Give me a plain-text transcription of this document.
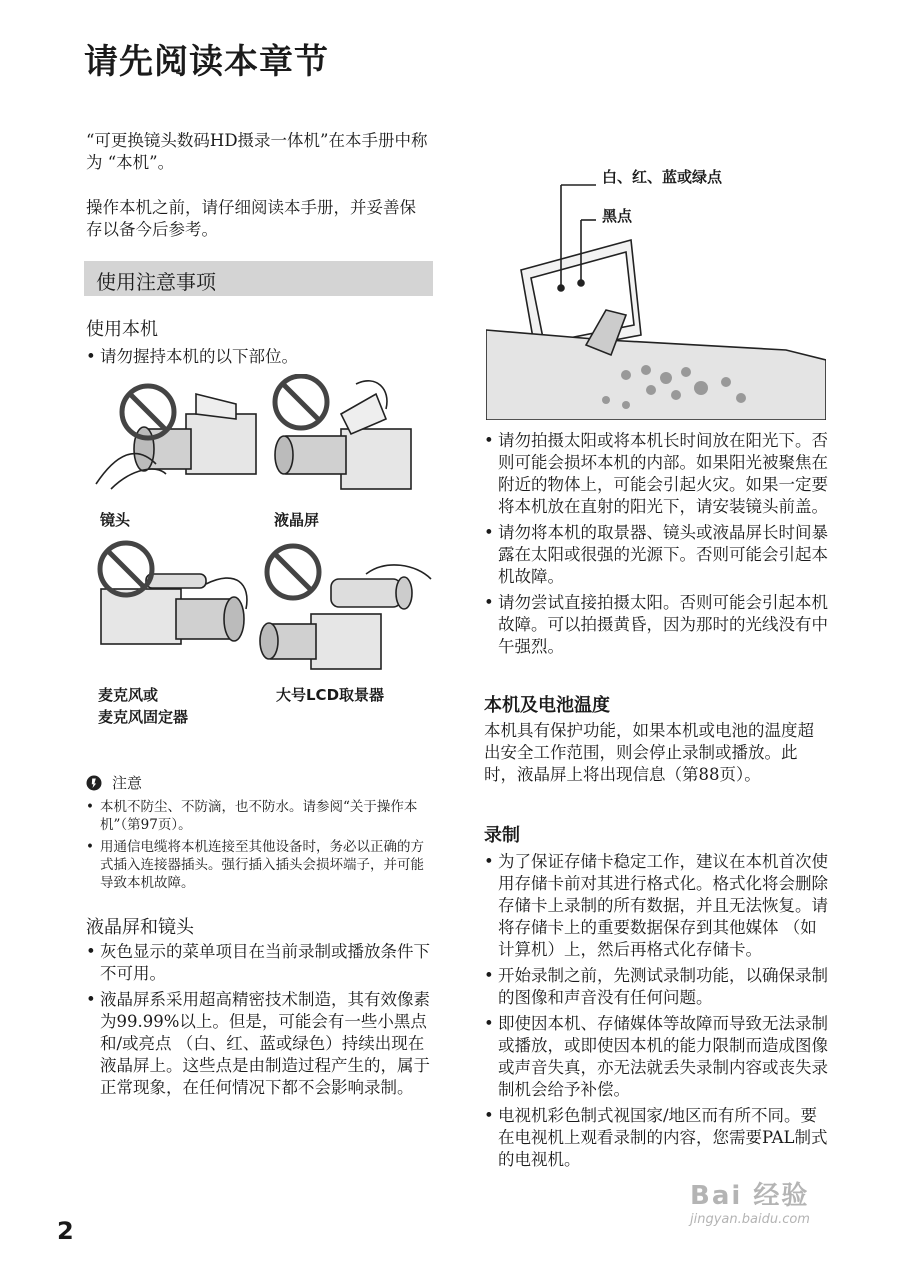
请先阅读本章节
“可更换镜头数码HD摄录一体机”在本手册中称为 “本机”。
操作本机之前，请仔细阅读本手册，并妥善保存以备今后参考。
使用注意事项
使用本机
• 请勿握持本机的以下部位。
镜头	液晶屏
麦克风或
麦克风固定器
大号LCD取景器
注意
• 本机不防尘、不防滴，也不防水。请参阅“关于操作本机”（第97页）。
• 用通信电缆将本机连接至其他设备时，务必以正确的方式插入连接器插头。强行插入插头会损坏端子，并可能导致本机故障。
液晶屏和镜头
• 灰色显示的菜单项目在当前录制或播放条件下不可用。
• 液晶屏系采用超高精密技术制造，其有效像素为99.99%以上。但是，可能会有一些小黑点和/或亮点 （白、红、蓝或绿色）持续出现在液晶屏上。这些点是由制造过程产生的，属于正常现象，在任何情况下都不会影响录制。
白、红、蓝或绿点
黑点
• 请勿拍摄太阳或将本机长时间放在阳光下。否则可能会损坏本机的内部。如果阳光被聚焦在附近的物体上，可能会引起火灾。如果一定要将本机放在直射的阳光下，请安装镜头前盖。
• 请勿将本机的取景器、镜头或液晶屏长时间暴露在太阳或很强的光源下。否则可能会引起本机故障。
• 请勿尝试直接拍摄太阳。否则可能会引起本机故障。可以拍摄黄昏，因为那时的光线没有中午强烈。
本机及电池温度
本机具有保护功能，如果本机或电池的温度超出安全工作范围，则会停止录制或播放。此时，液晶屏上将出现信息（第88页）。
录制
• 为了保证存储卡稳定工作，建议在本机首次使用存储卡前对其进行格式化。格式化将会删除存储卡上录制的所有数据，并且无法恢复。请将存储卡上的重要数据保存到其他媒体 （如计算机）上，然后再格式化存储卡。
• 开始录制之前，先测试录制功能，以确保录制的图像和声音没有任何问题。
• 即使因本机、存储媒体等故障而导致无法录制或播放，或即使因本机的能力限制而造成图像或声音失真，亦无法就丢失录制内容或丧失录制机会给予补偿。
• 电视机彩色制式视国家/地区而有所不同。要在电视机上观看录制的内容，您需要PAL制式的电视机。
2
Bai 经验
jingyan.baidu.com
